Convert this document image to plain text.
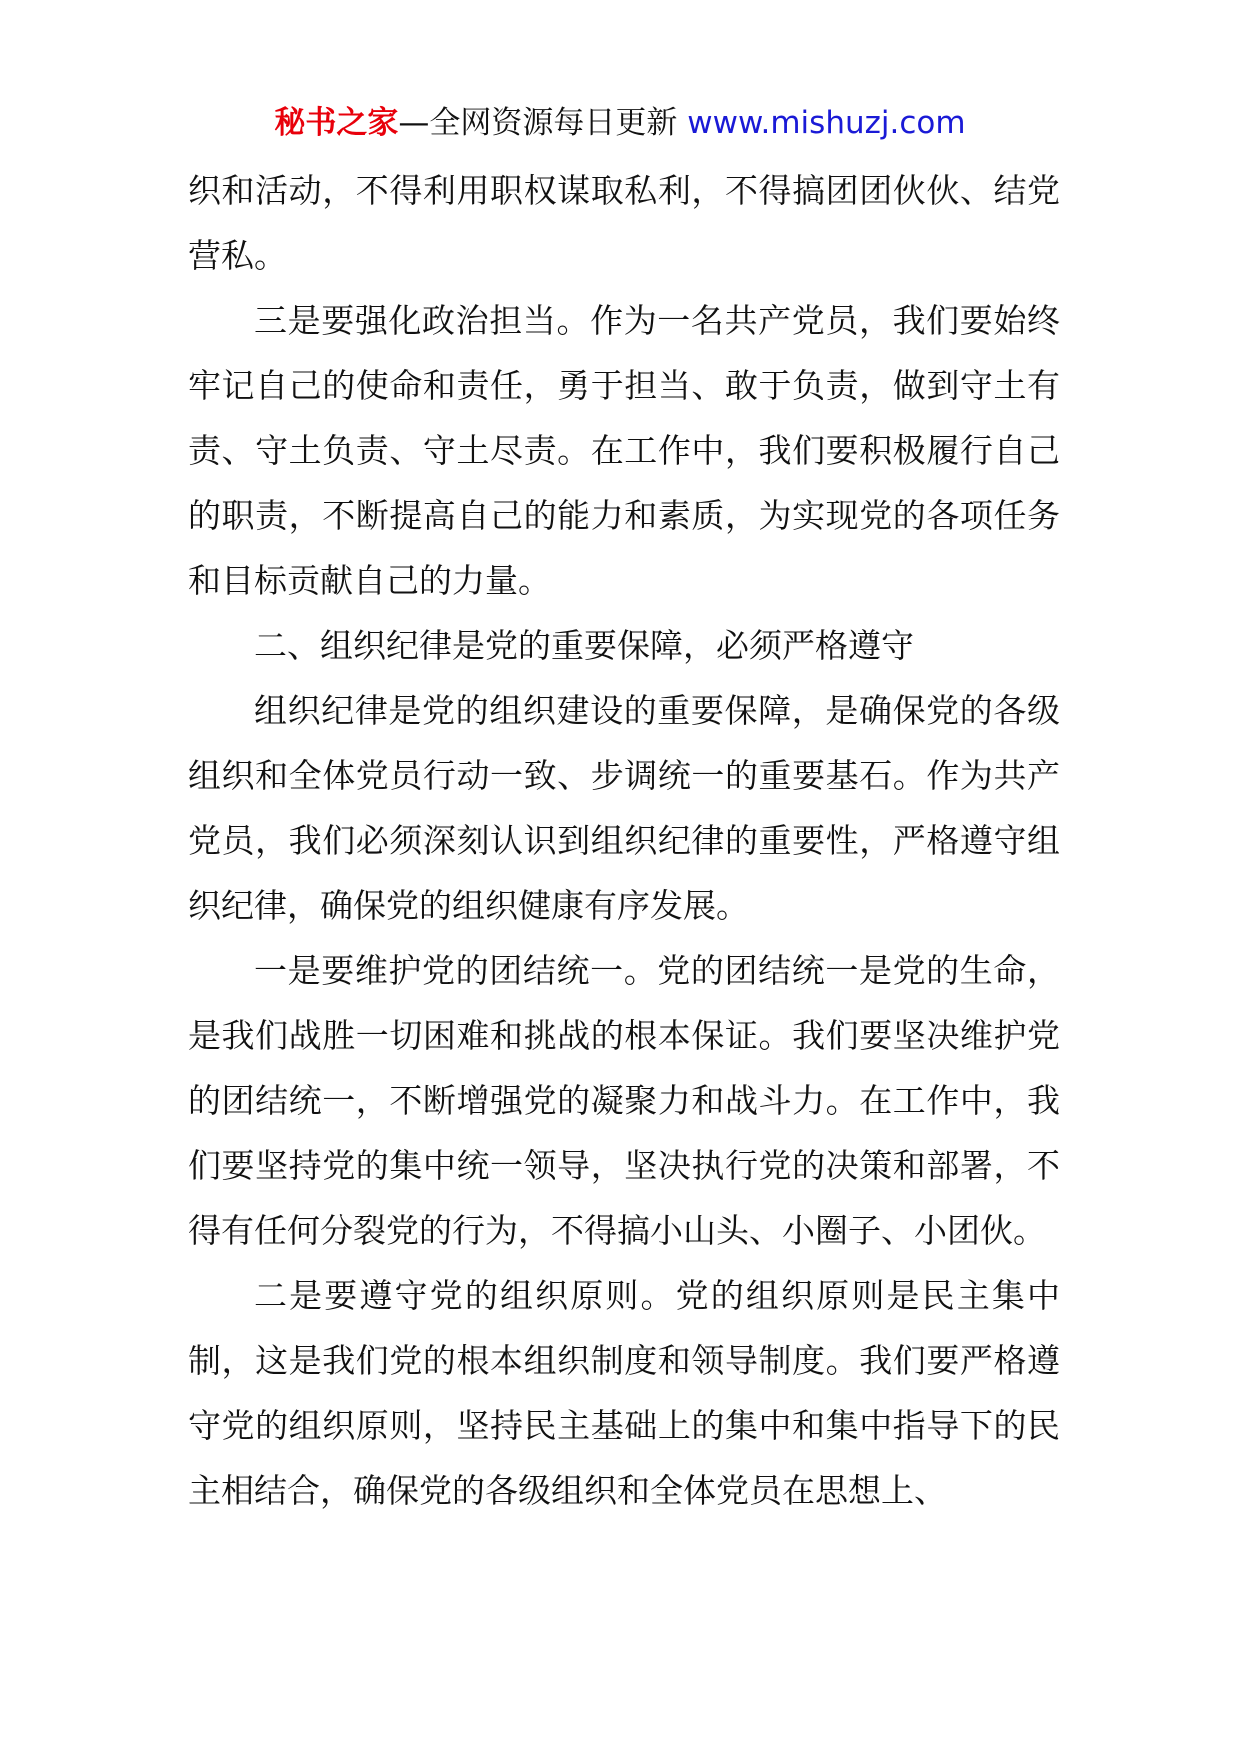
秘书之家—全网资源每日更新 www.mishuzj.com

织和活动，不得利用职权谋取私利，不得搞团团伙伙、结党营私。

三是要强化政治担当。作为一名共产党员，我们要始终牢记自己的使命和责任，勇于担当、敢于负责，做到守土有责、守土负责、守土尽责。在工作中，我们要积极履行自己的职责，不断提高自己的能力和素质，为实现党的各项任务和目标贡献自己的力量。

二、组织纪律是党的重要保障，必须严格遵守

组织纪律是党的组织建设的重要保障，是确保党的各级组织和全体党员行动一致、步调统一的重要基石。作为共产党员，我们必须深刻认识到组织纪律的重要性，严格遵守组织纪律，确保党的组织健康有序发展。

一是要维护党的团结统一。党的团结统一是党的生命，是我们战胜一切困难和挑战的根本保证。我们要坚决维护党的团结统一，不断增强党的凝聚力和战斗力。在工作中，我们要坚持党的集中统一领导，坚决执行党的决策和部署，不得有任何分裂党的行为，不得搞小山头、小圈子、小团伙。

二是要遵守党的组织原则。党的组织原则是民主集中制，这是我们党的根本组织制度和领导制度。我们要严格遵守党的组织原则，坚持民主基础上的集中和集中指导下的民主相结合，确保党的各级组织和全体党员在思想上、
